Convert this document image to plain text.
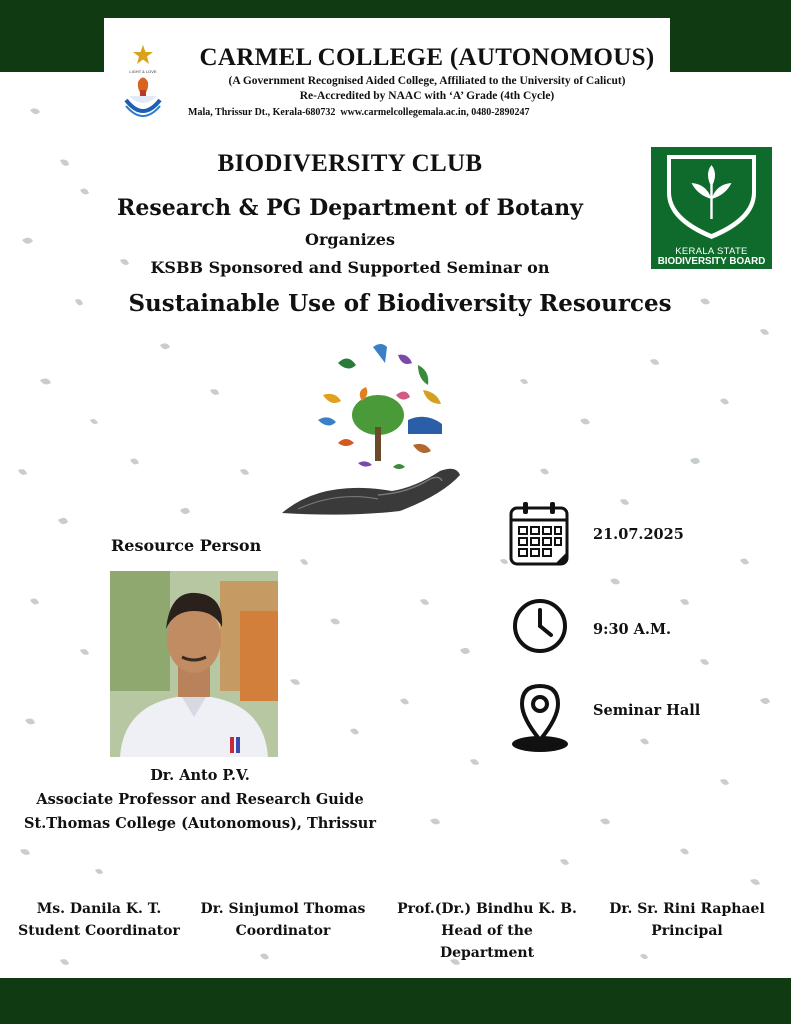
LIGHT & LOVE
CARMEL COLLEGE (AUTONOMOUS)
(A Government Recognised Aided College, Affiliated to the University of Calicut)
Re-Accredited by NAAC with ‘A’ Grade (4th Cycle)
Mala, Thrissur Dt., Kerala-680732 www.carmelcollegemala.ac.in, 0480-2890247
BIODIVERSITY CLUB
Research & PG Department of Botany
Organizes
KSBB Sponsored and Supported Seminar on
Sustainable Use of Biodiversity Resources
KERALA STATE
BIODIVERSITY BOARD
Resource Person
Dr. Anto P.V.
Associate Professor and Research Guide
St.Thomas College (Autonomous), Thrissur
21.07.2025
9:30 A.M.
Seminar Hall
Ms. Danila K. T.
Student Coordinator
Dr. Sinjumol Thomas
Coordinator
Prof.(Dr.) Bindhu K. B.
Head of the Department
Dr. Sr. Rini Raphael
Principal
